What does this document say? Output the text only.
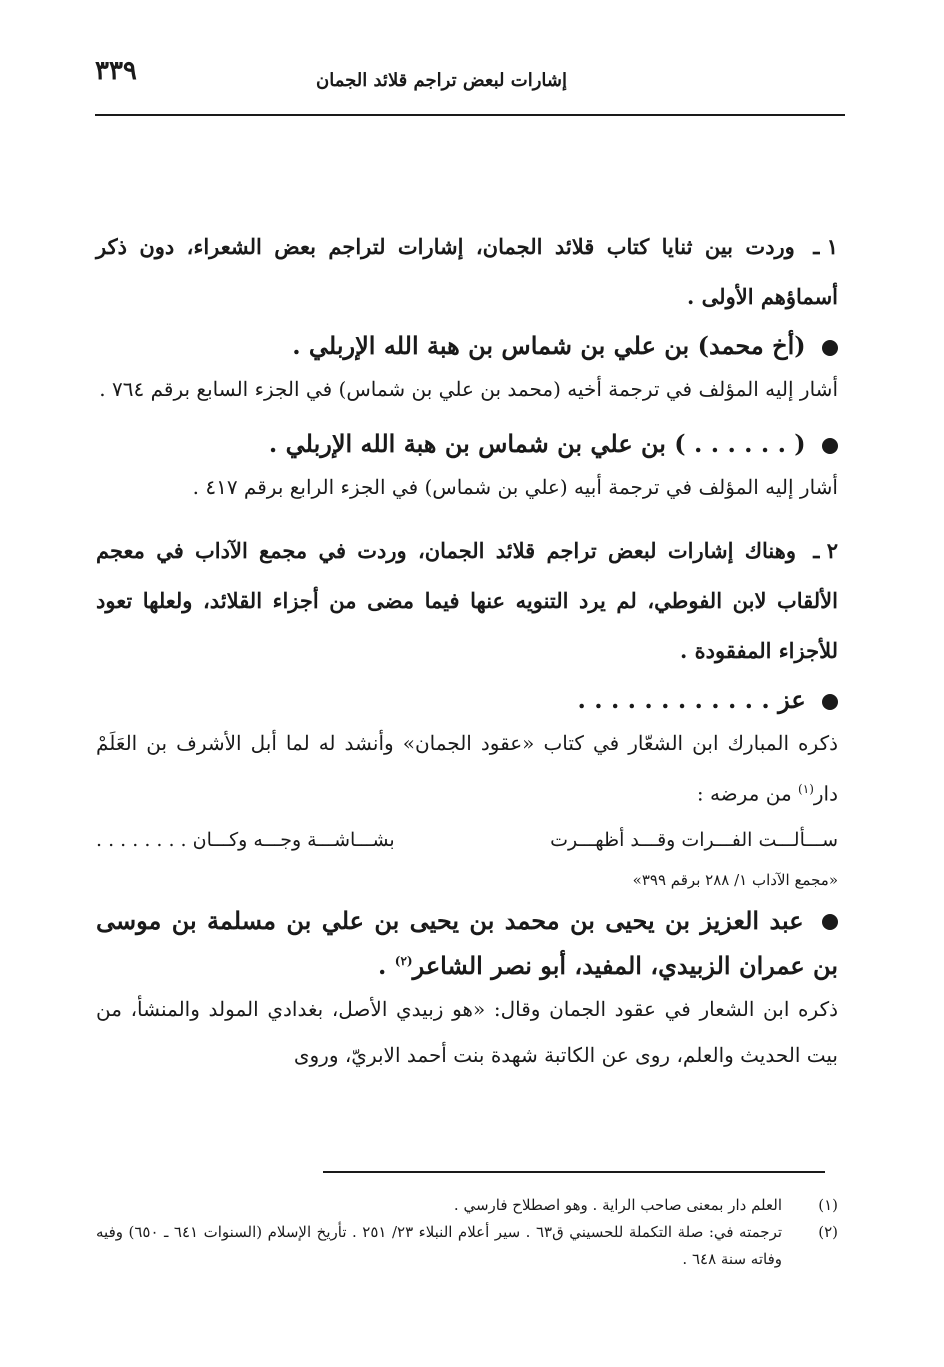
٣٣٩	إشارات لبعض تراجم قلائد الجمان

١ ـ وردت بين ثنايا كتاب قلائد الجمان، إشارات لتراجم بعض الشعراء، دون ذكر أسماؤهم الأولى .

(أخ محمد) بن علي بن شماس بن هبة الله الإربلي .

أشار إليه المؤلف في ترجمة أخيه (محمد بن علي بن شماس) في الجزء السابع برقم ٧٦٤ .

( . . . . . . ) بن علي بن شماس بن هبة الله الإربلي .

أشار إليه المؤلف في ترجمة أبيه (علي بن شماس) في الجزء الرابع برقم ٤١٧ .

٢ ـ وهناك إشارات لبعض تراجم قلائد الجمان، وردت في مجمع الآداب في معجم الألقاب لابن الفوطي، لم يرد التنويه عنها فيما مضى من أجزاء القلائد، ولعلها تعود للأجزاء المفقودة .

عز . . . . . . . . . . . .

ذكره المبارك ابن الشعّار في كتاب «عقود الجمان» وأنشد له لما أبل الأشرف بن العَلَمْ دار$^{(١)}$ من مرضه :

ســـألـــت الفـــرات وقـــد أظهـــرت
بشـــاشـــة وجـــه وكـــان . . . . . . . .

«مجمع الآداب ١/ ٢٨٨ برقم ٣٩٩»

عبد العزيز بن يحيى بن محمد بن يحيى بن علي بن مسلمة بن موسى بن عمران الزبيدي، المفيد، أبو نصر الشاعر$^{(٢)}$ .

ذكره ابن الشعار في عقود الجمان وقال: «هو زبيدي الأصل، بغدادي المولد والمنشأ، من بيت الحديث والعلم، روى عن الكاتبة شهدة بنت أحمد الابريّ، وروى

(١)
العلم دار بمعنى صاحب الراية . وهو اصطلاح فارسي .

(٢)
ترجمته في: صلة التكملة للحسيني ق٦٣ . سير أعلام النبلاء ٢٣/ ٢٥١ . تأريخ الإسلام (السنوات ٦٤١ ـ ٦٥٠) وفيه وفاته سنة ٦٤٨ .
